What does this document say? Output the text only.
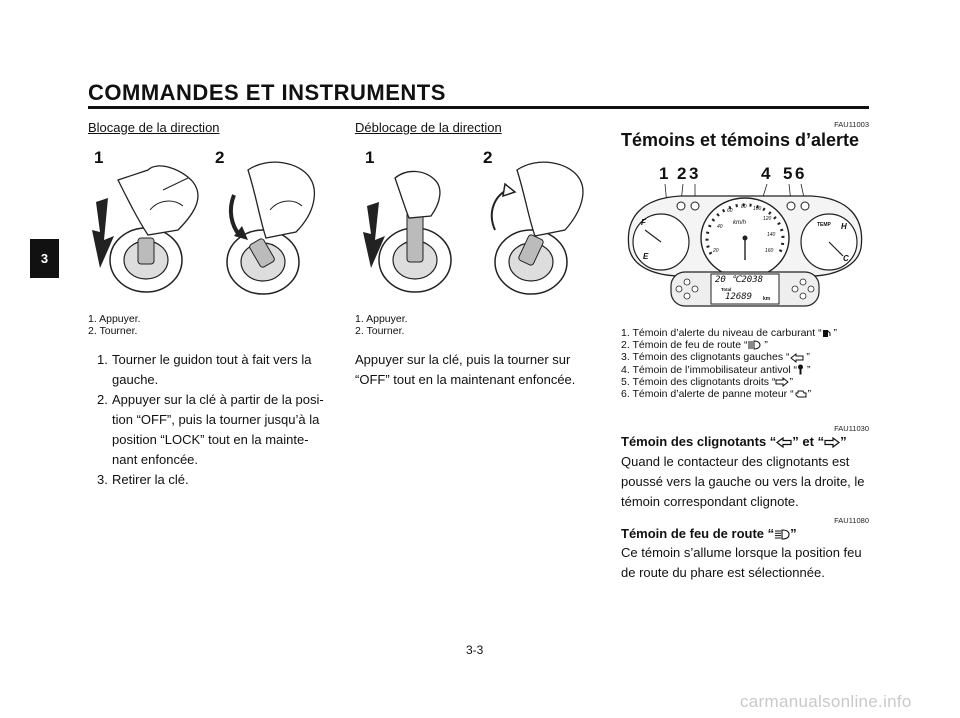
COMMANDES ET INSTRUMENTS
3
Blocage de la direction
1	2
1. Appuyer.
2. Tourner.
1. Tourner le guidon tout à fait vers la
gauche.
2. Appuyer sur la clé à partir de la posi-
tion “OFF”, puis la tourner jusqu’à la
position “LOCK” tout en la mainte-
nant enfoncée.
3. Retirer la clé.
Déblocage de la direction
1	2
1. Appuyer.
2. Tourner.
Appuyer sur la clé, puis la tourner sur
“OFF” tout en la maintenant enfoncée.
FAU11003
Témoins et témoins d’alerte
1 2 3	4 5 6
F
E
km/h
20
40
60
80 100
120
140
160
TEMP H
C
20 ℃2038
Total
12689 km
1. Témoin d’alerte du niveau de carburant “ ”
2. Témoin de feu de route “ ”
3. Témoin des clignotants gauches “ ”
4. Témoin de l’immobilisateur antivol “ ”
5. Témoin des clignotants droits “ ”
6. Témoin d’alerte de panne moteur “ ”
FAU11030
Témoin des clignotants “ ” et “ ”
Quand le contacteur des clignotants est
poussé vers la gauche ou vers la droite, le
témoin correspondant clignote.
FAU11080
Témoin de feu de route “ ”
Ce témoin s’allume lorsque la position feu
de route du phare est sélectionnée.
3-3
carmanualsonline.info
